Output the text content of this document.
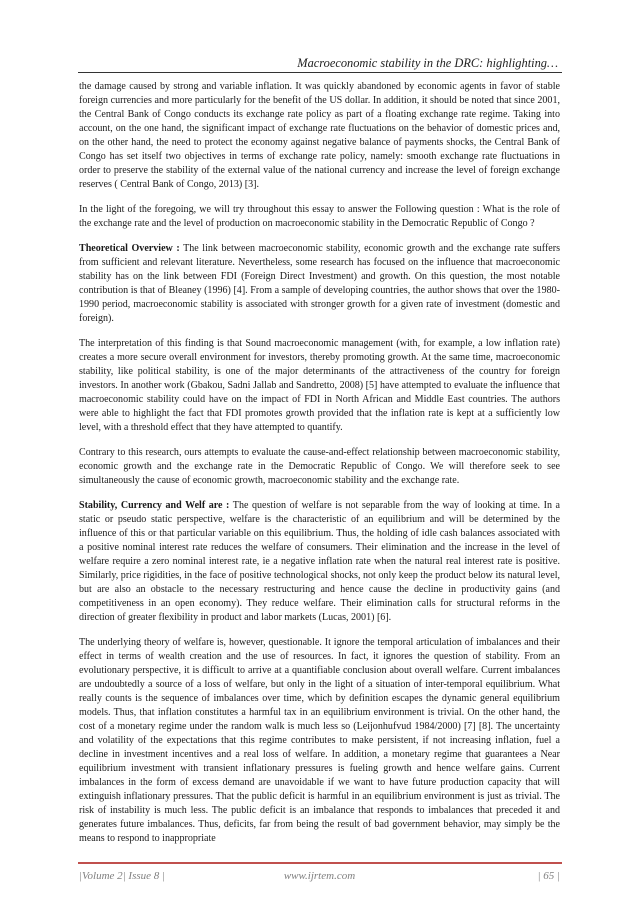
Macroeconomic stability in the DRC: highlighting…

the damage caused by strong and variable inflation. It was quickly abandoned by economic agents in favor of stable foreign currencies and more particularly for the benefit of the US dollar. In addition, it should be noted that since 2001, the Central Bank of Congo conducts its exchange rate policy as part of a floating exchange rate regime. Taking into account, on the one hand, the significant impact of exchange rate fluctuations on the behavior of domestic prices and, on the other hand, the need to protect the economy against negative balance of payments shocks, the Central Bank of Congo has set itself two objectives in terms of exchange rate policy, namely: smooth exchange rate fluctuations in order to preserve the stability of the external value of the national currency and increase the level of foreign exchange reserves ( Central Bank of Congo, 2013) [3].

In the light of the foregoing, we will try throughout this essay to answer the Following question : What is the role of the exchange rate and the level of production on macroeconomic stability in the Democratic Republic of Congo ?

Theoretical Overview : The link between macroeconomic stability, economic growth and the exchange rate suffers from sufficient and relevant literature. Nevertheless, some research has focused on the influence that macroeconomic stability has on the link between FDI (Foreign Direct Investment) and growth. On this question, the most notable contribution is that of Bleaney (1996) [4]. From a sample of developing countries, the author shows that over the 1980-1990 period, macroeconomic stability is associated with stronger growth for a given rate of investment (domestic and foreign).

The interpretation of this finding is that Sound macroeconomic management (with, for example, a low inflation rate) creates a more secure overall environment for investors, thereby promoting growth. At the same time, macroeconomic stability, like political stability, is one of the major determinants of the attractiveness of the country for foreign investors. In another work (Gbakou, Sadni Jallab and Sandretto, 2008) [5] have attempted to evaluate the influence that macroeconomic stability could have on the impact of FDI in North African and Middle East countries. The authors were able to highlight the fact that FDI promotes growth provided that the inflation rate is kept at a sufficiently low level, with a threshold effect that they have attempted to quantify.

Contrary to this research, ours attempts to evaluate the cause-and-effect relationship between macroeconomic stability, economic growth and the exchange rate in the Democratic Republic of Congo. We will therefore seek to see simultaneously the cause of economic growth, macroeconomic stability and the exchange rate.

Stability, Currency and Welf are : The question of welfare is not separable from the way of looking at time. In a static or pseudo static perspective, welfare is the characteristic of an equilibrium and will be determined by the influence of this or that particular variable on this equilibrium. Thus, the holding of idle cash balances associated with a positive nominal interest rate reduces the welfare of consumers. Their elimination and the increase in the level of welfare require a zero nominal interest rate, ie a negative inflation rate when the natural real interest rate is positive. Similarly, price rigidities, in the face of positive technological shocks, not only keep the product below its natural level, but are also an obstacle to the necessary restructuring and hence cause the decline in productivity gains (and competitiveness in an open economy). They reduce welfare. Their elimination calls for structural reforms in the direction of greater flexibility in product and labor markets (Lucas, 2001) [6].

The underlying theory of welfare is, however, questionable. It ignore the temporal articulation of imbalances and their effect in terms of wealth creation and the use of resources. In fact, it ignores the question of stability. From an evolutionary perspective, it is difficult to arrive at a quantifiable conclusion about overall welfare. Current imbalances are undoubtedly a source of a loss of welfare, but only in the light of a situation of inter-temporal equilibrium. What really counts is the sequence of imbalances over time, which by definition escapes the dynamic general equilibrium models. Thus, that inflation constitutes a harmful tax in an equilibrium environment is trivial. On the other hand, the cost of a monetary regime under the random walk is much less so (Leijonhufvud 1984/2000) [7] [8]. The uncertainty and volatility of the expectations that this regime contributes to make persistent, if not increasing inflation, fuel a decline in investment incentives and a real loss of welfare. In addition, a monetary regime that guarantees a Near equilibrium investment with transient inflationary pressures is fueling growth and hence welfare gains. Current imbalances in the form of excess demand are unavoidable if we want to have future production capacity that will extinguish inflationary pressures. That the public deficit is harmful in an equilibrium environment is just as trivial. The risk of instability is much less. The public deficit is an imbalance that responds to imbalances that preceded it and generates future imbalances. Thus, deficits, far from being the result of bad government behavior, may simply be the means to respond to inappropriate

|Volume 2| Issue 8 |	www.ijrtem.com	| 65 |
